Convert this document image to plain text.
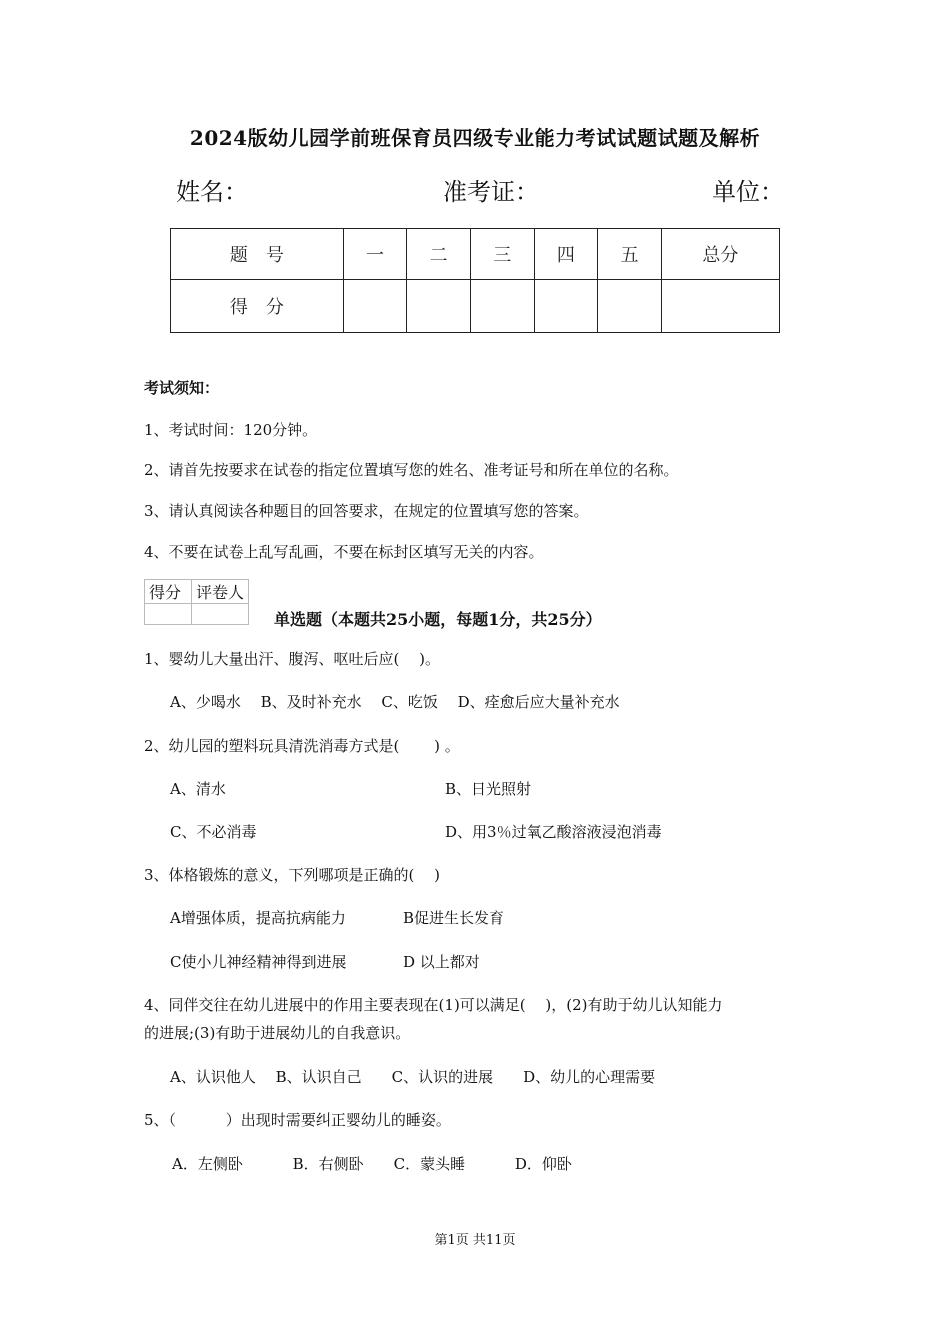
2024版幼儿园学前班保育员四级专业能力考试试题试题及解析
姓名：	准考证：	单位：
题　号	一	二	三	四	五	总分
得　分						
考试须知：
1、考试时间：120分钟。
2、请首先按要求在试卷的指定位置填写您的姓名、准考证号和所在单位的名称。
3、请认真阅读各种题目的回答要求，在规定的位置填写您的答案。
4、不要在试卷上乱写乱画，不要在标封区填写无关的内容。
得分	评卷人

单选题（本题共25小题，每题1分，共25分）
1、婴幼儿大量出汗、腹泻、呕吐后应(　 )。
A、少喝水　 B、及时补充水　 C、吃饭　 D、痊愈后应大量补充水
2、幼儿园的塑料玩具清洗消毒方式是(　　 ) 。
A、清水	B、日光照射
C、不必消毒	D、用3％过氧乙酸溶液浸泡消毒
3、体格锻炼的意义，下列哪项是正确的(　 )
A增强体质，提高抗病能力	B促进生长发育
C使小儿神经精神得到进展	D 以上都对
4、同伴交往在幼儿进展中的作用主要表现在(1)可以满足(　 )，(2)有助于幼儿认知能力
的进展;(3)有助于进展幼儿的自我意识。
A、认识他人　 B、认识自己　　C、认识的进展　　D、幼儿的心理需要
5、（　　　 ）出现时需要纠正婴幼儿的睡姿。
A．左侧卧　　　 B．右侧卧　　C．蒙头睡　　　 D．仰卧
第1页 共11页
